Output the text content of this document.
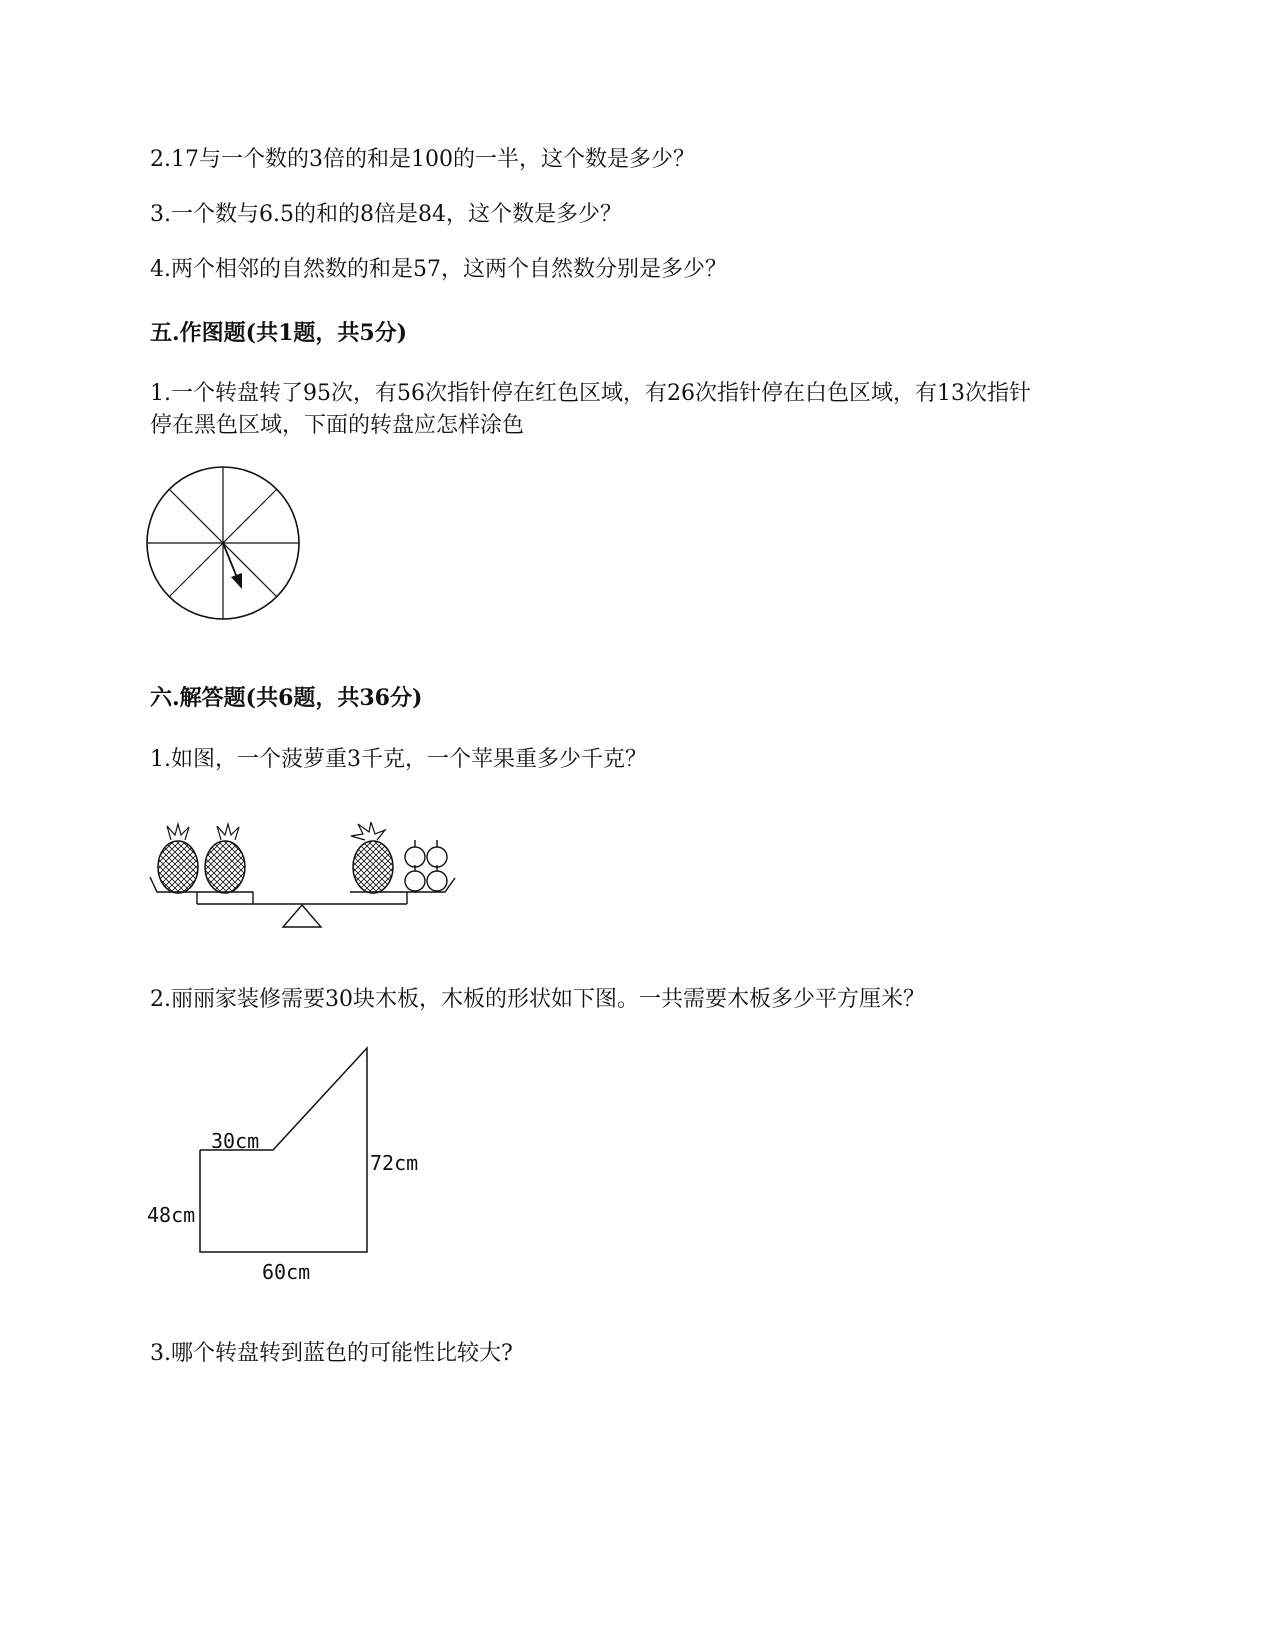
2.17与一个数的3倍的和是100的一半，这个数是多少？
3.一个数与6.5的和的8倍是84，这个数是多少？
4.两个相邻的自然数的和是57，这两个自然数分别是多少？
五.作图题(共1题，共5分)
1.一个转盘转了95次，有56次指针停在红色区域，有26次指针停在白色区域，有13次指针
停在黑色区域，下面的转盘应怎样涂色
六.解答题(共6题，共36分)
1.如图，一个菠萝重3千克，一个苹果重多少千克？
2.丽丽家装修需要30块木板，木板的形状如下图。一共需要木板多少平方厘米？
30cm
72cm
48cm
60cm
3.哪个转盘转到蓝色的可能性比较大?
